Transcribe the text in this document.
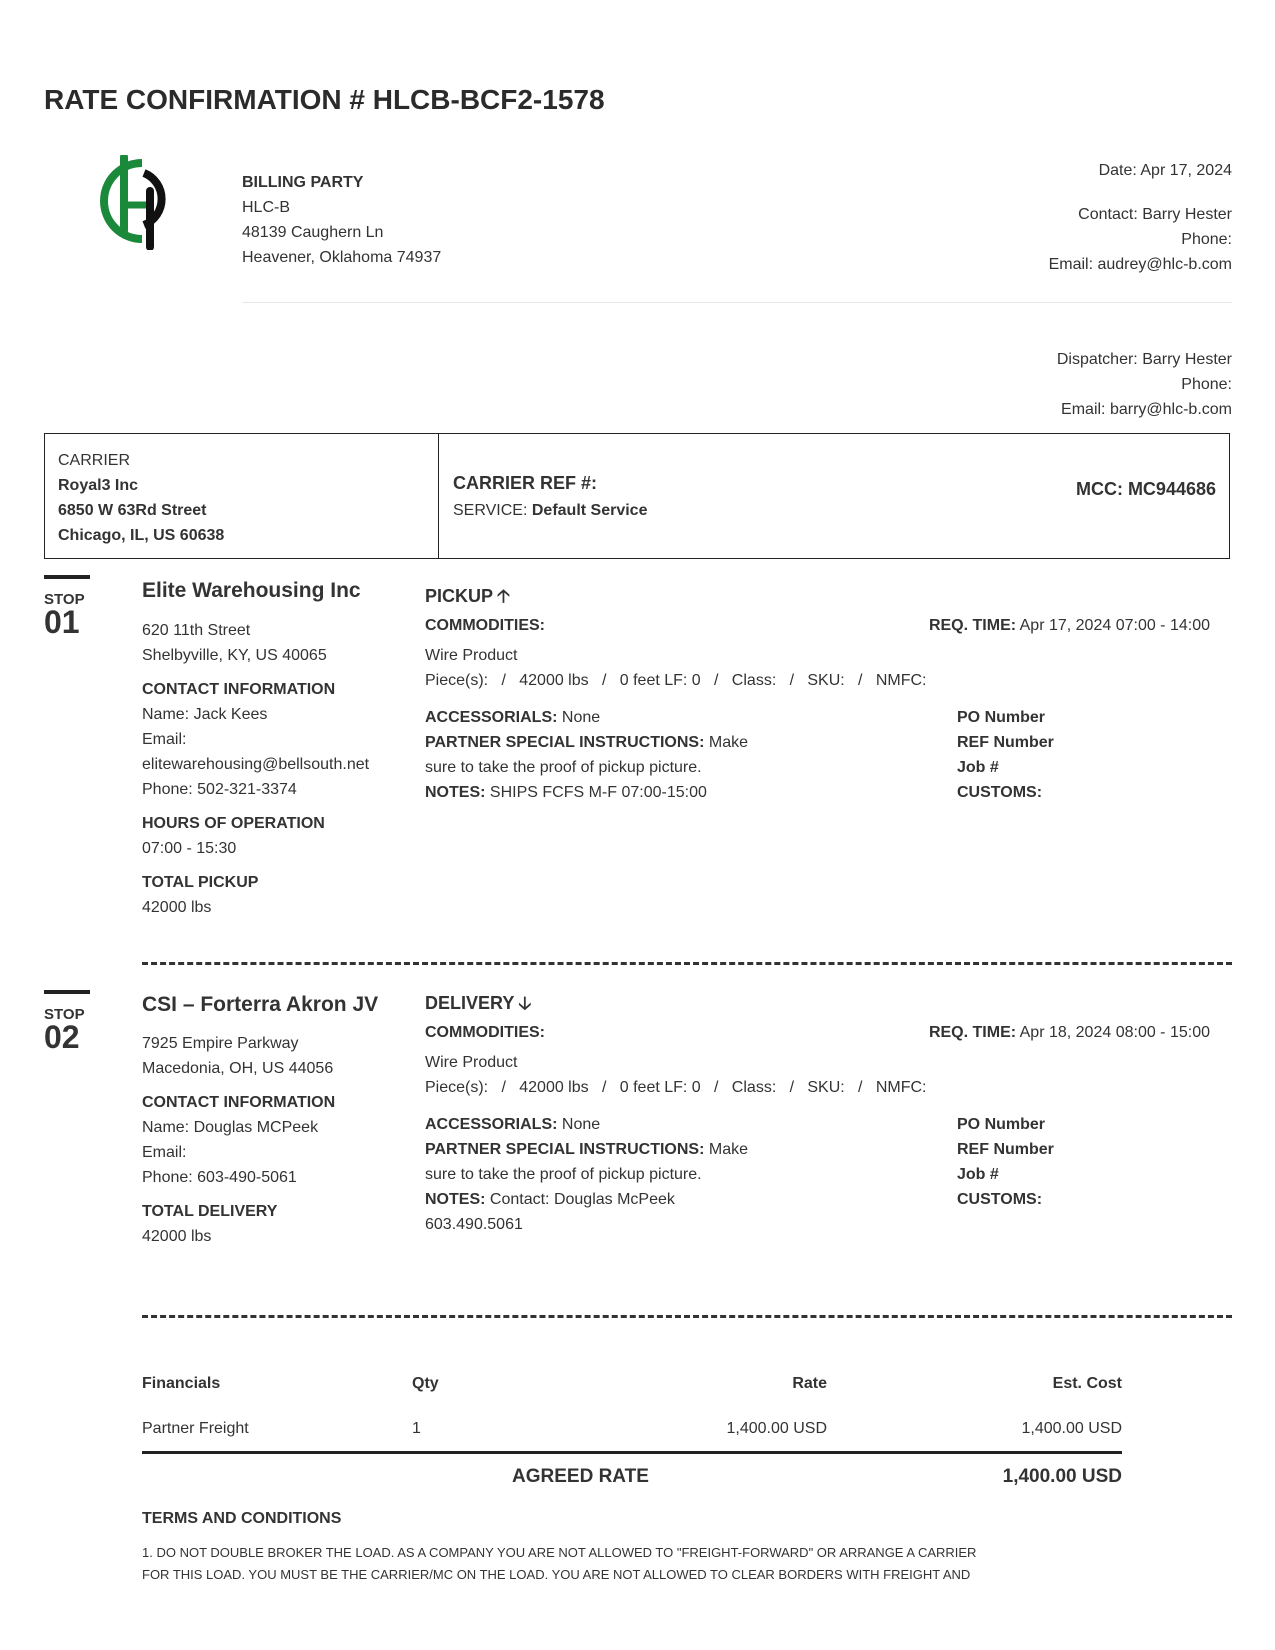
RATE CONFIRMATION # HLCB-BCF2-1578
BILLING PARTY
HLC-B
48139 Caughern Ln
Heavener, Oklahoma 74937
Date: Apr 17, 2024
Contact: Barry Hester
Phone:
Email: audrey@hlc-b.com
Dispatcher: Barry Hester
Phone:
Email: barry@hlc-b.com
CARRIER
Royal3 Inc
6850 W 63Rd Street
Chicago, IL, US 60638
CARRIER REF #:
SERVICE: Default Service
MCC: MC944686
STOP
01
Elite Warehousing Inc
620 11th Street
Shelbyville, KY, US 40065
CONTACT INFORMATION
Name: Jack Kees
Email:
elitewarehousing@bellsouth.net
Phone: 502-321-3374
HOURS OF OPERATION
07:00 - 15:30
TOTAL PICKUP
42000 lbs
PICKUP 🡡
COMMODITIES:	REQ. TIME: Apr 17, 2024 07:00 - 14:00
Wire Product
Piece(s):   /   42000 lbs   /   0 feet LF: 0   /   Class:   /   SKU:   /   NMFC:
ACCESSORIALS: None
PARTNER SPECIAL INSTRUCTIONS: Make
sure to take the proof of pickup picture.
NOTES: SHIPS FCFS M-F 07:00-15:00
PO Number
REF Number
Job #
CUSTOMS:
STOP
02
CSI – Forterra Akron JV
7925 Empire Parkway
Macedonia, OH, US 44056
CONTACT INFORMATION
Name: Douglas MCPeek
Email:
Phone: 603-490-5061
TOTAL DELIVERY
42000 lbs
DELIVERY 🡣
COMMODITIES:	REQ. TIME: Apr 18, 2024 08:00 - 15:00
Wire Product
Piece(s):   /   42000 lbs   /   0 feet LF: 0   /   Class:   /   SKU:   /   NMFC:
ACCESSORIALS: None
PARTNER SPECIAL INSTRUCTIONS: Make
sure to take the proof of pickup picture.
NOTES: Contact: Douglas McPeek
603.490.5061
PO Number
REF Number
Job #
CUSTOMS:
Financials	Qty	Rate	Est. Cost
Partner Freight	1	1,400.00 USD	1,400.00 USD
AGREED RATE	1,400.00 USD
TERMS AND CONDITIONS
1. DO NOT DOUBLE BROKER THE LOAD. AS A COMPANY YOU ARE NOT ALLOWED TO "FREIGHT-FORWARD" OR ARRANGE A CARRIER
FOR THIS LOAD. YOU MUST BE THE CARRIER/MC ON THE LOAD. YOU ARE NOT ALLOWED TO CLEAR BORDERS WITH FREIGHT AND
